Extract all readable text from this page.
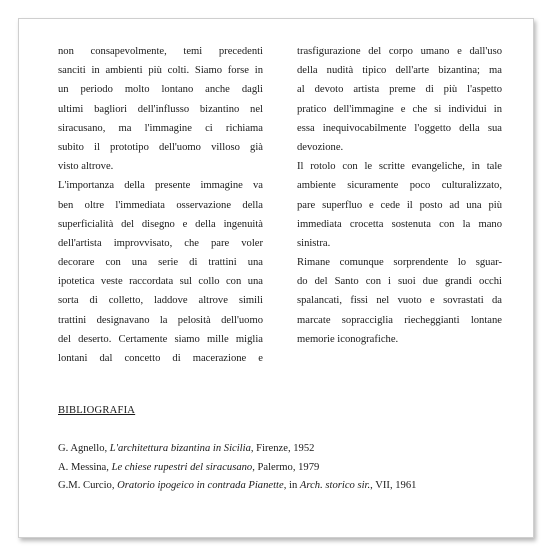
non consapevolmente, temi precedenti
sanciti in ambienti più colti. Siamo forse in
un periodo molto lontano anche dagli
ultimi bagliori dell'influsso bizantino nel
siracusano, ma l'immagine ci richiama
subito il prototipo dell'uomo villoso già
visto altrove.
L'importanza della presente immagine va
ben oltre l'immediata osservazione della
superficialità del disegno e della ingenuità
dell'artista improvvisato, che pare voler
decorare con una serie di trattini una
ipotetica veste raccordata sul collo con una
sorta di colletto, laddove altrove simili
trattini designavano la pelosità dell'uomo
del deserto. Certamente siamo mille miglia
lontani dal concetto di macerazione e
trasfigurazione del corpo umano e dall'uso
della nudità tipico dell'arte bizantina; ma
al devoto artista preme di più l'aspetto
pratico dell'immagine e che si individui in
essa inequivocabilmente l'oggetto della sua
devozione.
Il rotolo con le scritte evangeliche, in tale
ambiente sicuramente poco culturalizzato,
pare superfluo e cede il posto ad una più
immediata crocetta sostenuta con la mano
sinistra.
Rimane comunque sorprendente lo sguar-
do del Santo con i suoi due grandi occhi
spalancati, fissi nel vuoto e sovrastati da
marcate sopracciglia riecheggianti lontane
memorie iconografiche.
BIBLIOGRAFIA
G. Agnello, L'architettura bizantina in Sicilia, Firenze, 1952
A. Messina, Le chiese rupestri del siracusano, Palermo, 1979
G.M. Curcio, Oratorio ipogeico in contrada Pianette, in Arch. storico sir., VII, 1961
